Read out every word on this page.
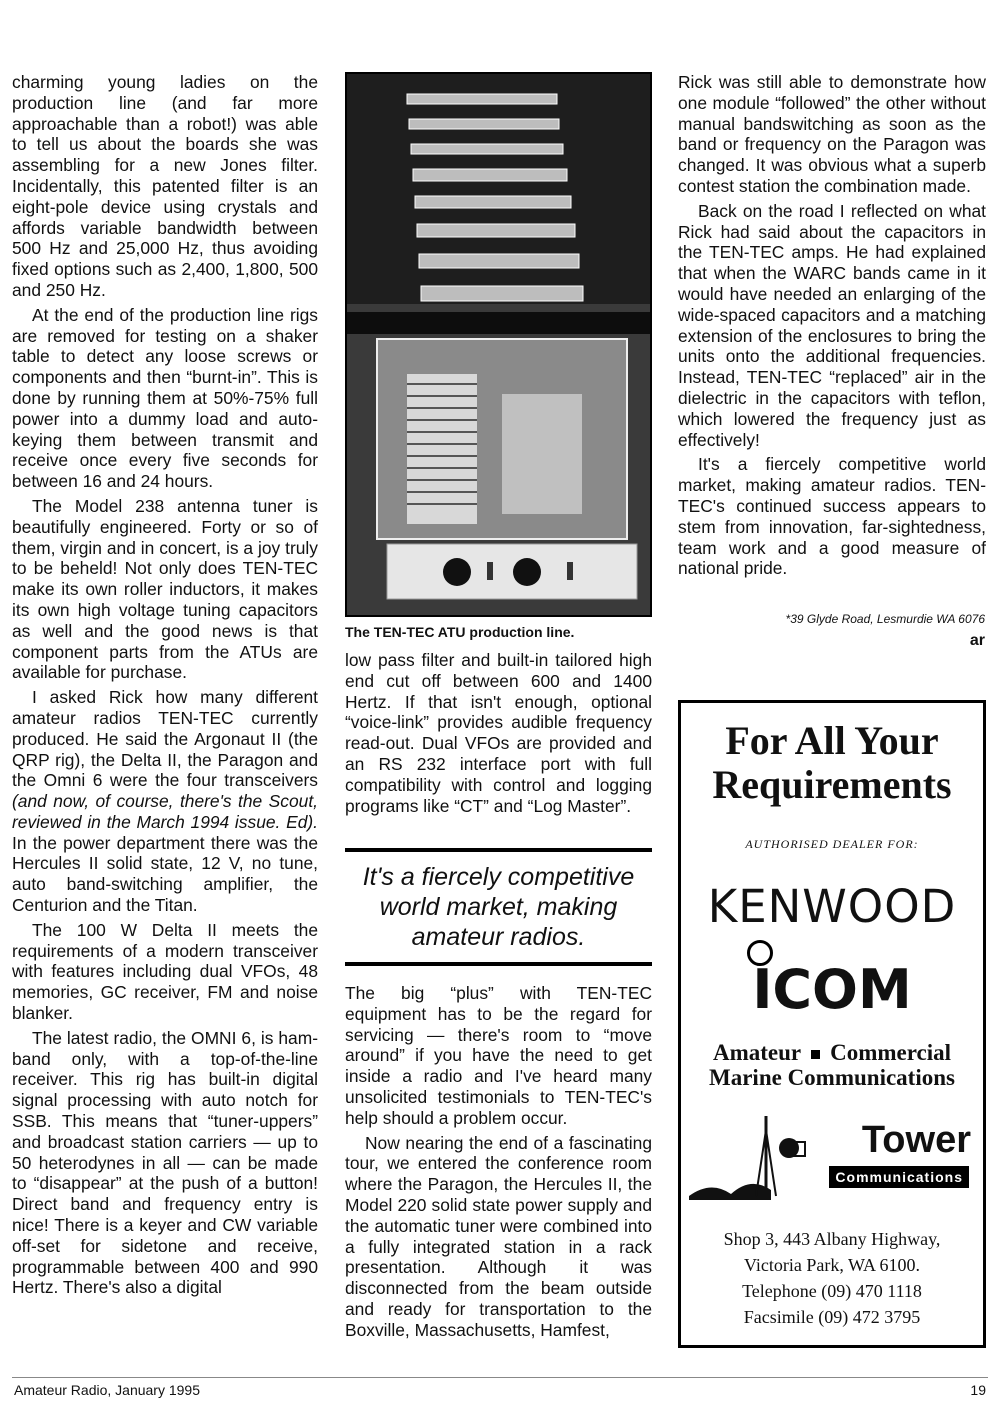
charming young ladies on the production line (and far more approachable than a robot!) was able to tell us about the boards she was assembling for a new Jones filter. Incidentally, this patented filter is an eight-pole device using crystals and affords variable bandwidth between 500 Hz and 25,000 Hz, thus avoiding fixed options such as 2,400, 1,800, 500 and 250 Hz.

At the end of the production line rigs are removed for testing on a shaker table to detect any loose screws or components and then “burnt-in”. This is done by running them at 50%-75% full power into a dummy load and auto-keying them between transmit and receive once every five seconds for between 16 and 24 hours.

The Model 238 antenna tuner is beautifully engineered. Forty or so of them, virgin and in concert, is a joy truly to be beheld! Not only does TEN-TEC make its own roller inductors, it makes its own high voltage tuning capacitors as well and the good news is that component parts from the ATUs are available for purchase.

I asked Rick how many different amateur radios TEN-TEC currently produced. He said the Argonaut II (the QRP rig), the Delta II, the Paragon and the Omni 6 were the four transceivers (and now, of course, there's the Scout, reviewed in the March 1994 issue. Ed). In the power department there was the Hercules II solid state, 12 V, no tune, auto band-switching amplifier, the Centurion and the Titan.

The 100 W Delta II meets the requirements of a modern transceiver with features including dual VFOs, 48 memories, GC receiver, FM and noise blanker.

The latest radio, the OMNI 6, is ham-band only, with a top-of-the-line receiver. This rig has built-in digital signal processing with auto notch for SSB. This means that “tuner-uppers” and broadcast station carriers — up to 50 heterodynes in all — can be made to “disappear” at the push of a button! Direct band and frequency entry is nice! There is a keyer and CW variable off-set for sidetone and receive, programmable between 400 and 990 Hertz. There's also a digital

The TEN-TEC ATU production line.

low pass filter and built-in tailored high end cut off between 600 and 1400 Hertz. If that isn't enough, optional “voice-link” provides audible frequency read-out. Dual VFOs are provided and an RS 232 interface port with full compatibility with control and logging programs like “CT” and “Log Master”.

It's a fiercely competitive world market, making amateur radios.

The big “plus” with TEN-TEC equipment has to be the regard for servicing — there's room to “move around” if you have the need to get inside a radio and I've heard many unsolicited testimonials to TEN-TEC's help should a problem occur.

Now nearing the end of a fascinating tour, we entered the conference room where the Paragon, the Hercules II, the Model 220 solid state power supply and the automatic tuner were combined into a fully integrated station in a rack presentation. Although it was disconnected from the beam outside and ready for transportation to the Boxville, Massachusetts, Hamfest,

Rick was still able to demonstrate how one module “followed” the other without manual bandswitching as soon as the band or frequency on the Paragon was changed. It was obvious what a superb contest station the combination made.

Back on the road I reflected on what Rick had said about the capacitors in the TEN-TEC amps. He had explained that when the WARC bands came in it would have needed an enlarging of the wide-spaced capacitors and a matching extension of the enclosures to bring the units onto the additional frequencies. Instead, TEN-TEC “replaced” air in the dielectric in the capacitors with teflon, which lowered the frequency just as effectively!

It's a fiercely competitive world market, making amateur radios. TEN-TEC's continued success appears to stem from innovation, far-sightedness, team work and a good measure of national pride.

*39 Glyde Road, Lesmurdie WA 6076
ar
For All Your
Requirements
AUTHORISED DEALER FOR:
KENWOOD
ICOM
Amateur Commercial
Marine Communications
Tower
Communications
Shop 3, 443 Albany Highway,
Victoria Park, WA 6100.
Telephone (09) 470 1118
Facsimile (09) 472 3795
Amateur Radio, January 1995	19
